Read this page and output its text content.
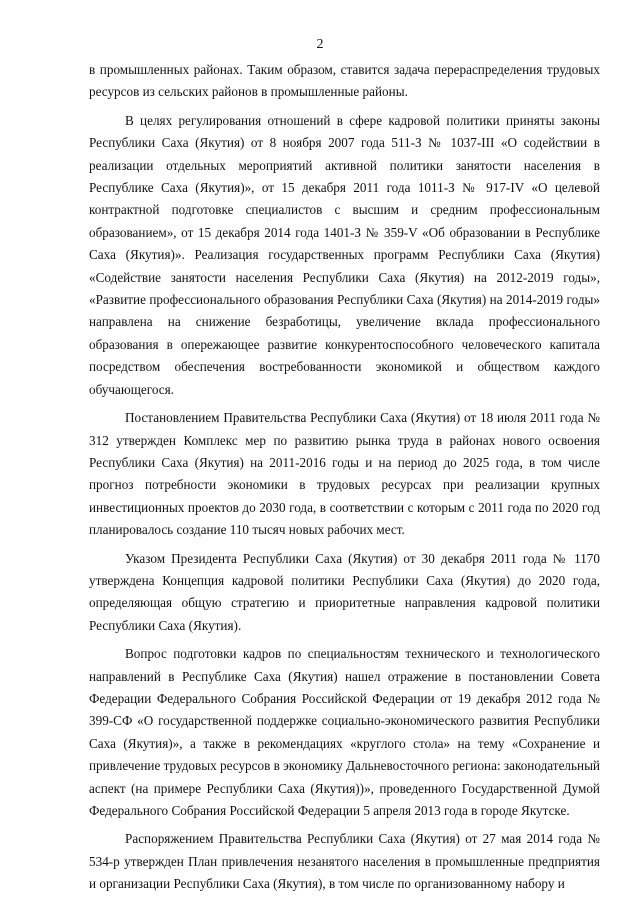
2

в промышленных районах. Таким образом, ставится задача перераспределения трудовых ресурсов из сельских районов в промышленные районы.

В целях регулирования отношений в сфере кадровой политики приняты законы Республики Саха (Якутия) от 8 ноября 2007 года 511-З № 1037-III «О содействии в реализации отдельных мероприятий активной политики занятости населения в Республике Саха (Якутия)», от 15 декабря 2011 года 1011-З № 917-IV «О целевой контрактной подготовке специалистов с высшим и средним профессиональным образованием», от 15 декабря 2014 года 1401-З № 359-V «Об образовании в Республике Саха (Якутия)». Реализация государственных программ Республики Саха (Якутия) «Содействие занятости населения Республики Саха (Якутия) на 2012-2019 годы», «Развитие профессионального образования Республики Саха (Якутия) на 2014-2019 годы» направлена на снижение безработицы, увеличение вклада профессионального образования в опережающее развитие конкурентоспособного человеческого капитала посредством обеспечения востребованности экономикой и обществом каждого обучающегося.

Постановлением Правительства Республики Саха (Якутия) от 18 июля 2011 года № 312 утвержден Комплекс мер по развитию рынка труда в районах нового освоения Республики Саха (Якутия) на 2011-2016 годы и на период до 2025 года, в том числе прогноз потребности экономики в трудовых ресурсах при реализации крупных инвестиционных проектов до 2030 года, в соответствии с которым с 2011 года по 2020 год планировалось создание 110 тысяч новых рабочих мест.

Указом Президента Республики Саха (Якутия) от 30 декабря 2011 года № 1170 утверждена Концепция кадровой политики Республики Саха (Якутия) до 2020 года, определяющая общую стратегию и приоритетные направления кадровой политики Республики Саха (Якутия).

Вопрос подготовки кадров по специальностям технического и технологического направлений в Республике Саха (Якутия) нашел отражение в постановлении Совета Федерации Федерального Собрания Российской Федерации от 19 декабря 2012 года № 399-СФ «О государственной поддержке социально-экономического развития Республики Саха (Якутия)», а также в рекомендациях «круглого стола» на тему «Сохранение и привлечение трудовых ресурсов в экономику Дальневосточного региона: законодательный аспект (на примере Республики Саха (Якутия))», проведенного Государственной Думой Федерального Собрания Российской Федерации 5 апреля 2013 года в городе Якутске.

Распоряжением Правительства Республики Саха (Якутия) от 27 мая 2014 года № 534-р утвержден План привлечения незанятого населения в промышленные предприятия и организации Республики Саха (Якутия), в том числе по организованному набору и
